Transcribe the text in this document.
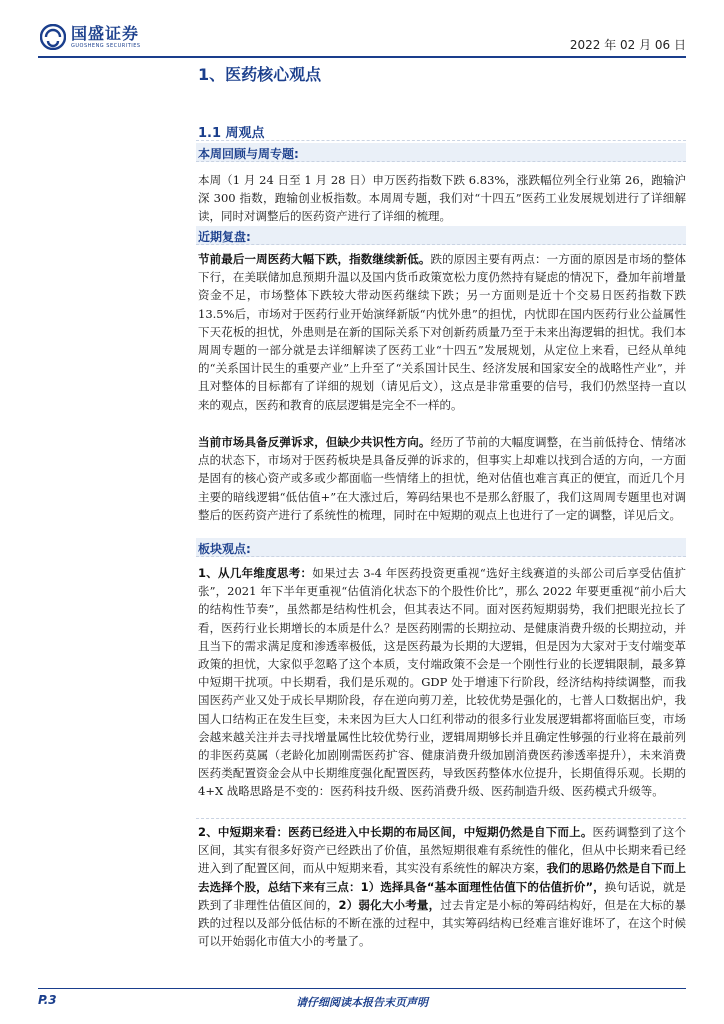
国盛证券
GUOSHENG SECURITIES	2022 年 02 月 06 日
1、医药核心观点
1.1 周观点
本周回顾与周专题:
本周（1 月 24 日至 1 月 28 日）申万医药指数下跌 6.83%，涨跌幅位列全行业第 26，跑输沪深 300 指数，跑输创业板指数。本周周专题，我们对“十四五”医药工业发展规划进行了详细解读，同时对调整后的医药资产进行了详细的梳理。
近期复盘:
节前最后一周医药大幅下跌，指数继续新低。跌的原因主要有两点：一方面的原因是市场的整体下行，在美联储加息预期升温以及国内货币政策宽松力度仍然持有疑虑的情况下，叠加年前增量资金不足，市场整体下跌较大带动医药继续下跌；另一方面则是近十个交易日医药指数下跌 13.5%后，市场对于医药行业开始演绎新版“内忧外患”的担忧，内忧即在国内医药行业公益属性下天花板的担忧，外患则是在新的国际关系下对创新药质量乃至于未来出海逻辑的担忧。我们本周周专题的一部分就是去详细解读了医药工业“十四五”发展规划，从定位上来看，已经从单纯的“关系国计民生的重要产业”上升至了“关系国计民生、经济发展和国家安全的战略性产业”，并且对整体的目标都有了详细的规划（请见后文），这点是非常重要的信号，我们仍然坚持一直以来的观点，医药和教育的底层逻辑是完全不一样的。
当前市场具备反弹诉求，但缺少共识性方向。经历了节前的大幅度调整，在当前低持仓、情绪冰点的状态下，市场对于医药板块是具备反弹的诉求的，但事实上却难以找到合适的方向，一方面是固有的核心资产或多或少都面临一些情绪上的担忧，绝对估值也难言真正的便宜，而近几个月主要的暗线逻辑“低估值+”在大涨过后，筹码结果也不是那么舒服了，我们这周周专题里也对调整后的医药资产进行了系统性的梳理，同时在中短期的观点上也进行了一定的调整，详见后文。
板块观点:
1、从几年维度思考：如果过去 3-4 年医药投资更重视“选好主线赛道的头部公司后享受估值扩张”，2021 年下半年更重视“估值消化状态下的个股性价比”，那么 2022 年要更重视“前小后大的结构性节奏”，虽然都是结构性机会，但其表达不同。面对医药短期弱势，我们把眼光拉长了看，医药行业长期增长的本质是什么？是医药刚需的长期拉动、是健康消费升级的长期拉动，并且当下的需求满足度和渗透率极低，这是医药最为长期的大逻辑，但是因为大家对于支付端变革政策的担忧，大家似乎忽略了这个本质，支付端政策不会是一个刚性行业的长逻辑限制，最多算中短期干扰项。中长期看，我们是乐观的。GDP 处于增速下行阶段，经济结构持续调整，而我国医药产业又处于成长早期阶段，存在逆向剪刀差，比较优势是强化的，七普人口数据出炉，我国人口结构正在发生巨变，未来因为巨大人口红利带动的很多行业发展逻辑都将面临巨变，市场会越来越关注并去寻找增量属性比较优势行业，逻辑周期够长并且确定性够强的行业将在最前列的非医药莫属（老龄化加剧刚需医药扩容、健康消费升级加剧消费医药渗透率提升），未来消费医药类配置资金会从中长期维度强化配置医药，导致医药整体水位提升，长期值得乐观。长期的 4+X 战略思路是不变的：医药科技升级、医药消费升级、医药制造升级、医药模式升级等。
2、中短期来看：医药已经进入中长期的布局区间，中短期仍然是自下而上。医药调整到了这个区间，其实有很多好资产已经跌出了价值，虽然短期很难有系统性的催化，但从中长期来看已经进入到了配置区间，而从中短期来看，其实没有系统性的解决方案，我们的思路仍然是自下而上去选择个股，总结下来有三点：1）选择具备“基本面理性估值下的估值折价”，换句话说，就是跌到了非理性估值区间的，2）弱化大小考量，过去肯定是小标的筹码结构好，但是在大标的暴跌的过程以及部分低估标的不断在涨的过程中，其实筹码结构已经难言谁好谁坏了，在这个时候可以开始弱化市值大小的考量了。
P.3	请仔细阅读本报告末页声明
